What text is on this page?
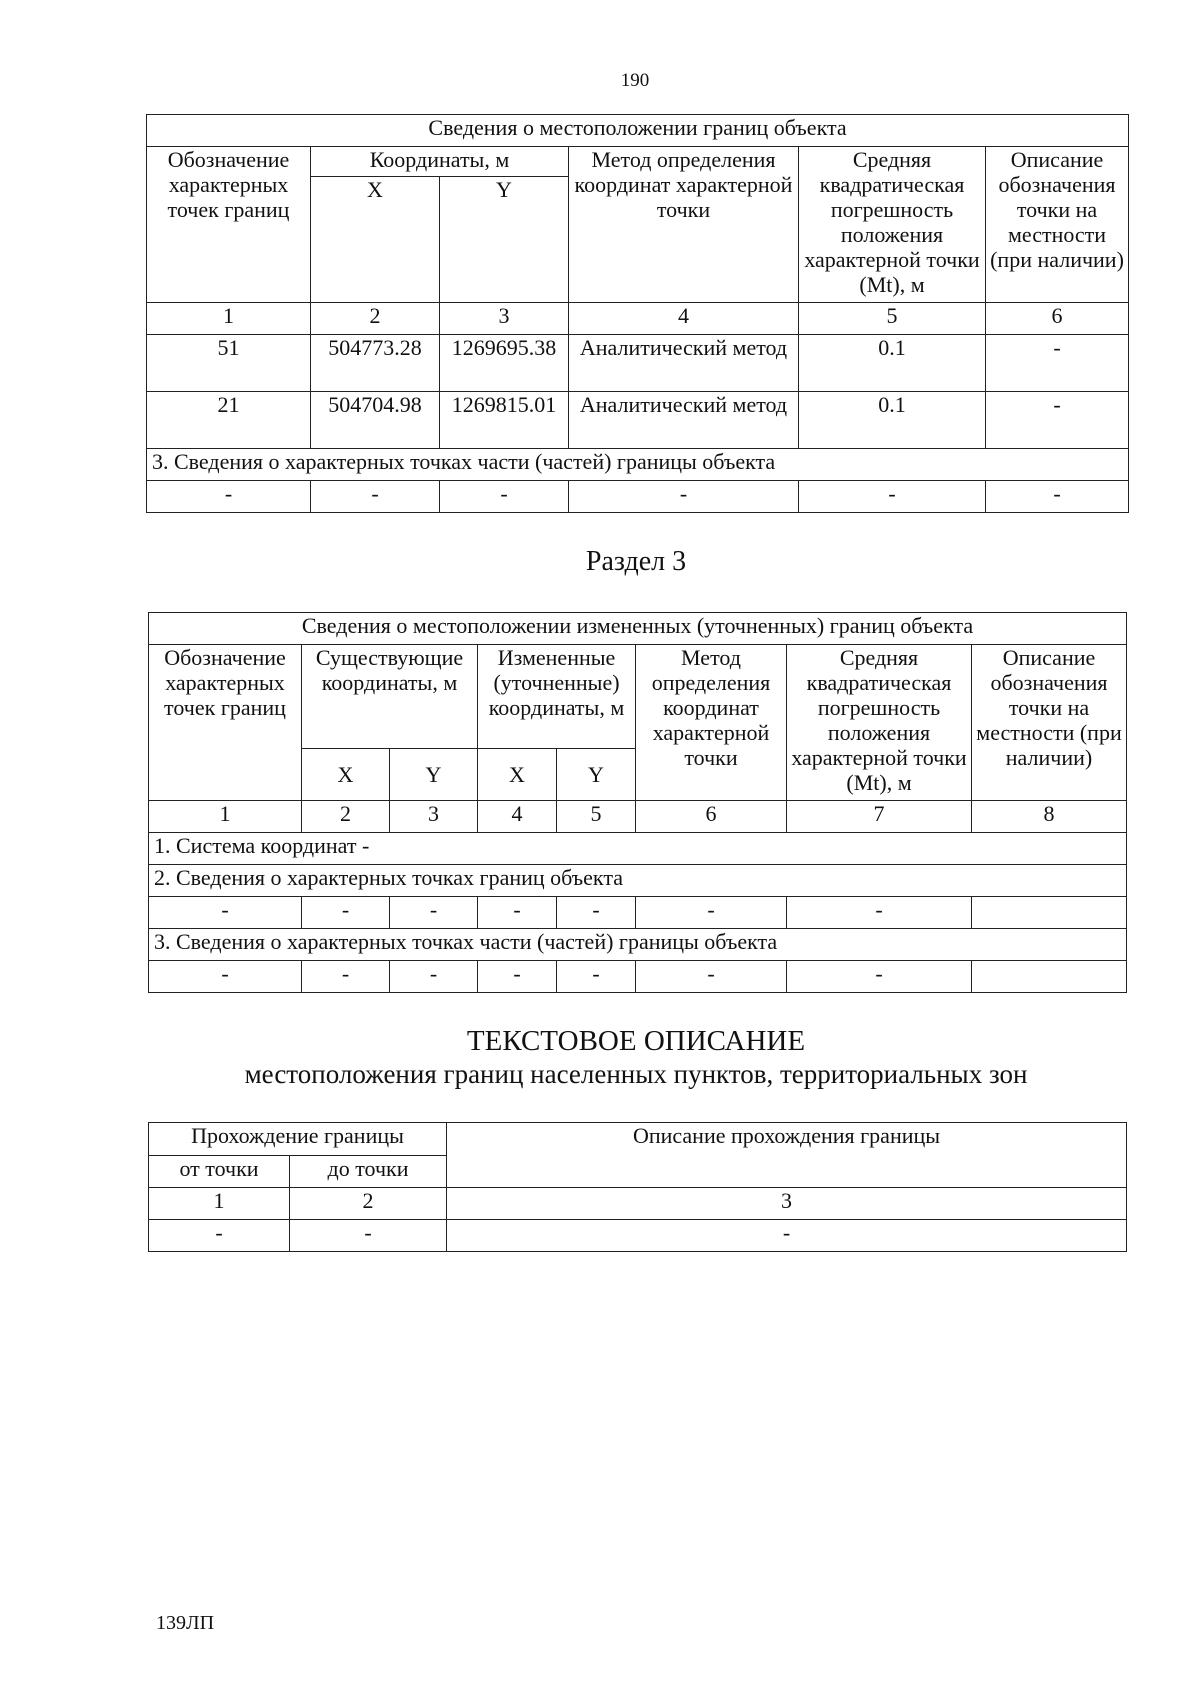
190
Сведения о местоположении границ объекта					
Обозначение характерных точек границ	Координаты, м		Метод определения координат характерной точки	Средняя квадратическая погрешность положения характерной точки (Mt), м	Описание обозначения точки на местности (при наличии)
	X	Y			
1	2	3	4	5	6
51	504773.28	1269695.38	Аналитический метод	0.1	-
21	504704.98	1269815.01	Аналитический метод	0.1	-
3. Сведения о характерных точках части (частей) границы объекта					
-	-	-	-	-	-
Раздел 3
Сведения о местоположении измененных (уточненных) границ объекта							
Обозначение характерных точек границ	Существующие координаты, м		Измененные (уточненные) координаты, м		Метод определения координат характерной точки	Средняя квадратическая погрешность положения характерной точки (Mt), м	Описание обозначения точки на местности (при наличии)
	X	Y	X	Y			
1	2	3	4	5	6	7	8
1. Система координат -							
2. Сведения о характерных точках границ объекта							
-	-	-	-	-	-	-	
3. Сведения о характерных точках части (частей) границы объекта							
-	-	-	-	-	-	-	
ТЕКСТОВОЕ ОПИСАНИЕ
местоположения границ населенных пунктов, территориальных зон
Прохождение границы		Описание прохождения границы
от точки	до точки	
1	2	3
-	-	-
139ЛП
